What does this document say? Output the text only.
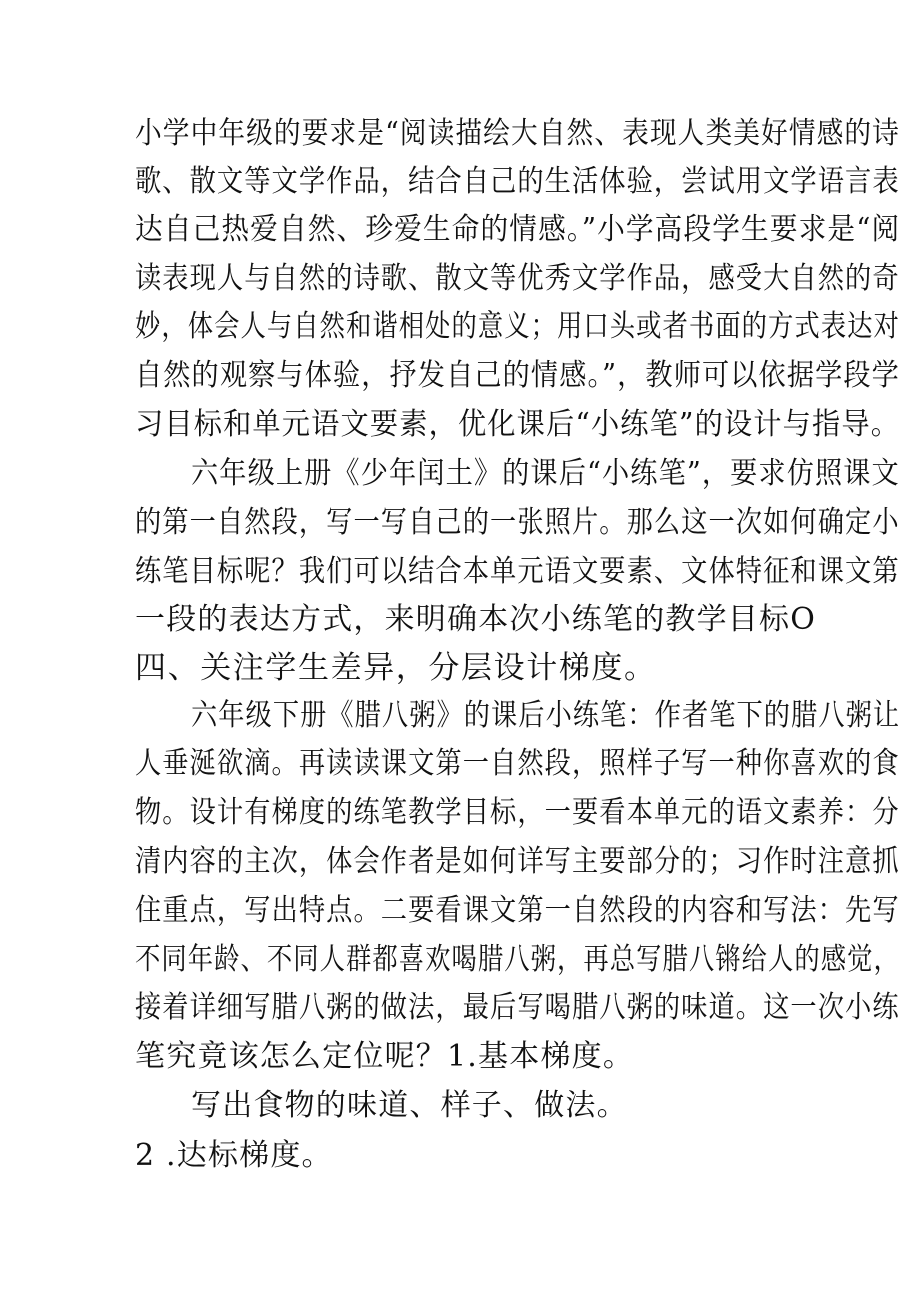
小学中年级的要求是“阅读描绘大自然、表现人类美好情感的诗
歌、散文等文学作品，结合自己的生活体验，尝试用文学语言表
达自己热爱自然、珍爱生命的情感。”小学高段学生要求是“阅
读表现人与自然的诗歌、散文等优秀文学作品，感受大自然的奇
妙，体会人与自然和谐相处的意义；用口头或者书面的方式表达对
自然的观察与体验，抒发自己的情感。”，教师可以依据学段学
习目标和单元语文要素，优化课后“小练笔”的设计与指导。
六年级上册《少年闰土》的课后“小练笔”，要求仿照课文
的第一自然段，写一写自己的一张照片。那么这一次如何确定小
练笔目标呢？我们可以结合本单元语文要素、文体特征和课文第
一段的表达方式，来明确本次小练笔的教学目标O
四、关注学生差异，分层设计梯度。
六年级下册《腊八粥》的课后小练笔：作者笔下的腊八粥让
人垂涎欲滴。再读读课文第一自然段，照样子写一种你喜欢的食
物。设计有梯度的练笔教学目标，一要看本单元的语文素养：分
清内容的主次，体会作者是如何详写主要部分的；习作时注意抓
住重点，写出特点。二要看课文第一自然段的内容和写法：先写
不同年龄、不同人群都喜欢喝腊八粥，再总写腊八锵给人的感觉，
接着详细写腊八粥的做法，最后写喝腊八粥的味道。这一次小练
笔究竟该怎么定位呢？1.基本梯度。
写出食物的味道、样子、做法。
2 .达标梯度。
